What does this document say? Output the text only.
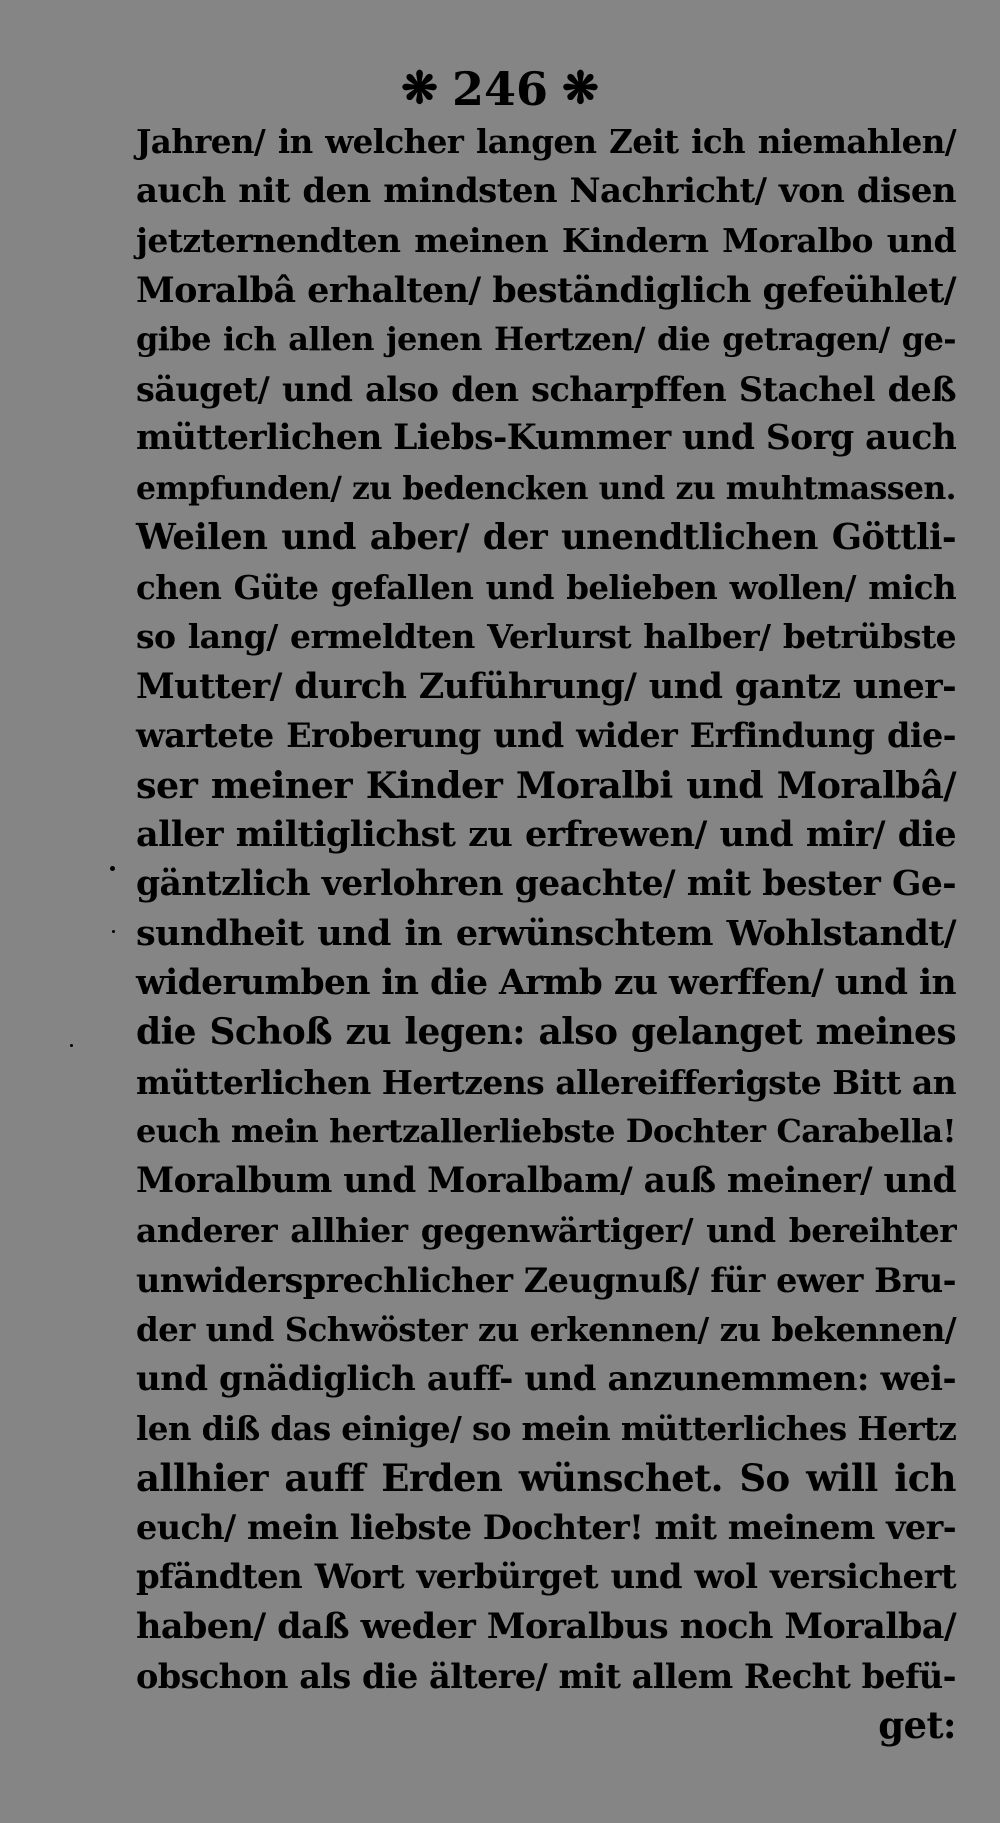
❋ 246 ❋
Jahren/ in welcher langen Zeit ich niemahlen/
auch nit den mindsten Nachricht/ von disen
jetzternendten meinen Kindern Moralbo und
Moralbâ erhalten/ beständiglich gefeühlet/
gibe ich allen jenen Hertzen/ die getragen/ ge-
säuget/ und also den scharpffen Stachel deß
mütterlichen Liebs-Kummer und Sorg auch
empfunden/ zu bedencken und zu muhtmassen.
Weilen und aber/ der unendtlichen Göttli-
chen Güte gefallen und belieben wollen/ mich
so lang/ ermeldten Verlurst halber/ betrübste
Mutter/ durch Zuführung/ und gantz uner-
wartete Eroberung und wider Erfindung die-
ser meiner Kinder Moralbi und Moralbâ/
aller miltiglichst zu erfrewen/ und mir/ die
gäntzlich verlohren geachte/ mit bester Ge-
sundheit und in erwünschtem Wohlstandt/
widerumben in die Armb zu werffen/ und in
die Schoß zu legen: also gelanget meines
mütterlichen Hertzens allereifferigste Bitt an
euch mein hertzallerliebste Dochter Carabella!
Moralbum und Moralbam/ auß meiner/ und
anderer allhier gegenwärtiger/ und bereihter
unwidersprechlicher Zeugnuß/ für ewer Bru-
der und Schwöster zu erkennen/ zu bekennen/
und gnädiglich auff- und anzunemmen: wei-
len diß das einige/ so mein mütterliches Hertz
allhier auff Erden wünschet. So will ich
euch/ mein liebste Dochter! mit meinem ver-
pfändten Wort verbürget und wol versichert
haben/ daß weder Moralbus noch Moralba/
obschon als die ältere/ mit allem Recht befü-
get:
